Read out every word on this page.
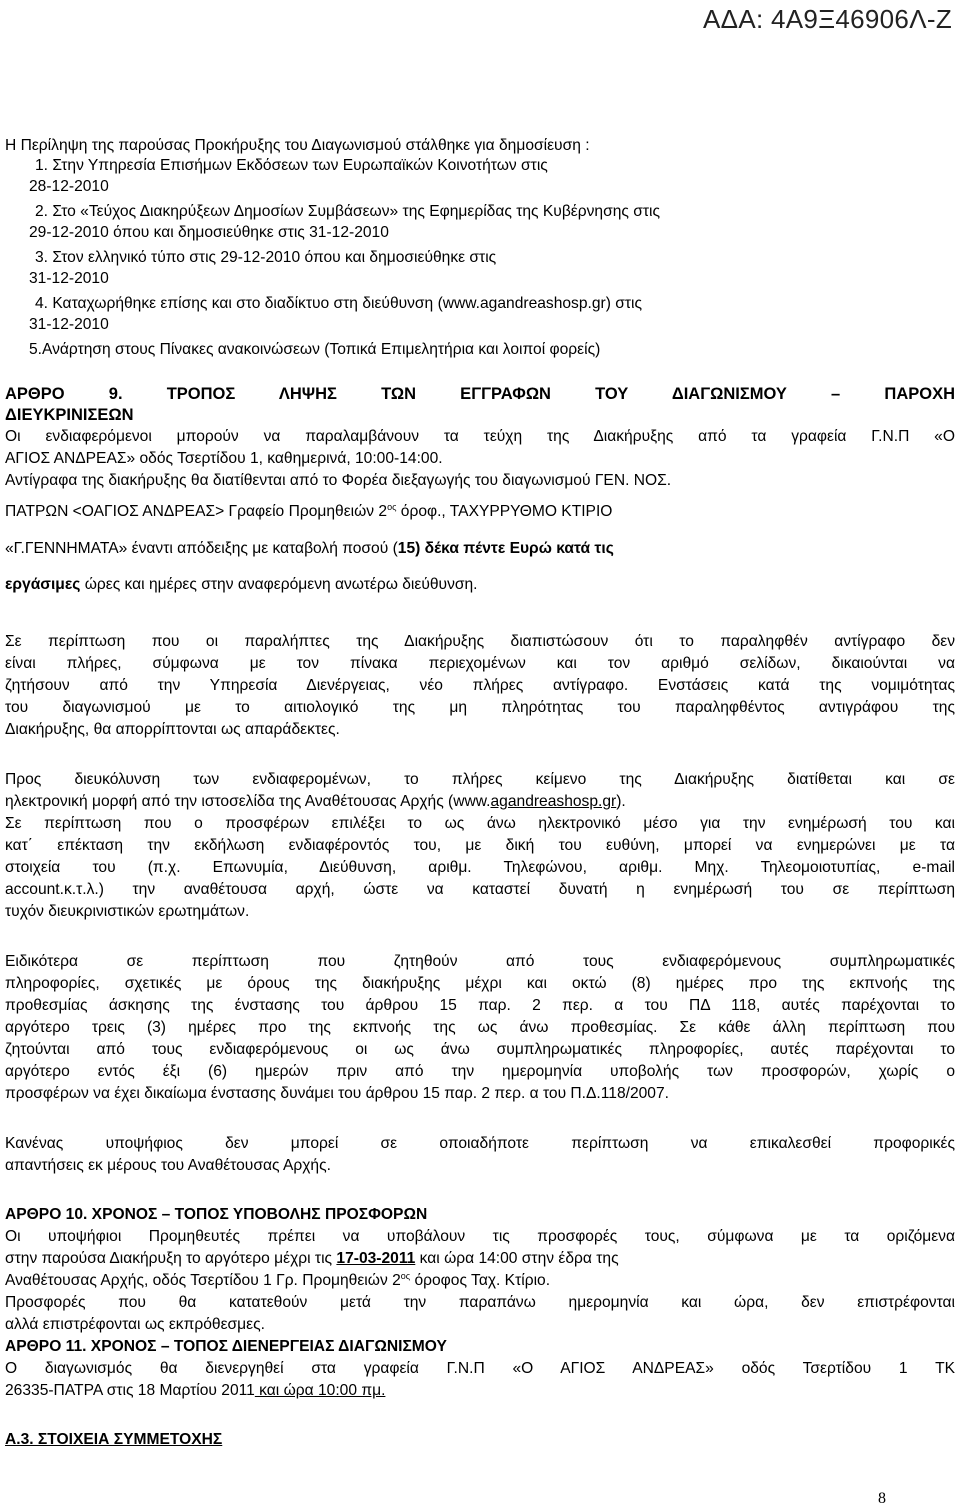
ΑΔΑ: 4Α9Ξ46906Λ-Ζ
Η Περίληψη της παρούσας Προκήρυξης του Διαγωνισμού στάλθηκε για δημοσίευση :
1. Στην Υπηρεσία Επισήμων Εκδόσεων των Ευρωπαϊκών Κοινοτήτων στις
28-12-2010
2. Στο «Τεύχος Διακηρύξεων Δημοσίων Συμβάσεων» της Εφημερίδας της Κυβέρνησης στις
29-12-2010 όπου και δημοσιεύθηκε στις 31-12-2010
3. Στον ελληνικό τύπο στις 29-12-2010 όπου και δημοσιεύθηκε στις
31-12-2010
4. Καταχωρήθηκε επίσης και στο διαδίκτυο στη διεύθυνση (www.agandreashosp.gr) στις
31-12-2010
5.Ανάρτηση στους Πίνακες ανακοινώσεων (Τοπικά Επιμελητήρια και λοιποί φορείς)
ΑΡΘΡΟ 9. ΤΡΟΠΟΣ ΛΗΨΗΣ ΤΩΝ ΕΓΓΡΑΦΩΝ ΤΟΥ ΔΙΑΓΩΝΙΣΜΟΥ – ΠΑΡΟΧΗ
ΔΙΕΥΚΡΙΝΙΣΕΩΝ
Οι ενδιαφερόμενοι μπορούν να παραλαμβάνουν τα τεύχη της Διακήρυξης από τα γραφεία Γ.Ν.Π «Ο
ΑΓΙΟΣ ΑΝΔΡΕΑΣ» οδός Τσερτίδου 1, καθημερινά, 10:00-14:00.
Αντίγραφα της διακήρυξης θα διατίθενται από το Φορέα διεξαγωγής του διαγωνισμού ΓΕΝ. ΝΟΣ.
ΠΑΤΡΩΝ <ΟΑΓΙΟΣ ΑΝΔΡΕΑΣ> Γραφείο Προμηθειών $2^{o\varsigma}$ όροφ., ΤΑΧΥΡΡΥΘΜΟ ΚΤΙΡΙΟ
«Γ.ΓΕΝΝΗΜΑΤΑ» έναντι απόδειξης με καταβολή ποσού (15) δέκα πέντε Ευρώ κατά τις
εργάσιμες ώρες και ημέρες στην αναφερόμενη ανωτέρω διεύθυνση.
Σε περίπτωση που οι παραλήπτες της Διακήρυξης διαπιστώσουν ότι το παραληφθέν αντίγραφο δεν
είναι πλήρες, σύμφωνα με τον πίνακα περιεχομένων και τον αριθμό σελίδων, δικαιούνται να
ζητήσουν από την Υπηρεσία Διενέργειας, νέο πλήρες αντίγραφο. Ενστάσεις κατά της νομιμότητας
του διαγωνισμού με το αιτιολογικό της μη πληρότητας του παραληφθέντος αντιγράφου της
Διακήρυξης, θα απορρίπτονται ως απαράδεκτες.
Προς διευκόλυνση των ενδιαφερομένων, το πλήρες κείμενο της Διακήρυξης διατίθεται και σε
ηλεκτρονική μορφή από την ιστοσελίδα της Αναθέτουσας Αρχής (www.agandreashosp.gr).
Σε περίπτωση που ο προσφέρων επιλέξει το ως άνω ηλεκτρονικό μέσο για την ενημέρωσή του και
κατ΄ επέκταση την εκδήλωση ενδιαφέροντός του, με δική του ευθύνη, μπορεί να ενημερώνει με τα
στοιχεία του (π.χ. Επωνυμία, Διεύθυνση, αριθμ. Τηλεφώνου, αριθμ. Μηχ. Τηλεομοιοτυπίας, e-mail
account.κ.τ.λ.) την αναθέτουσα αρχή, ώστε να καταστεί δυνατή η ενημέρωσή του σε περίπτωση
τυχόν διευκρινιστικών ερωτημάτων.
Ειδικότερα σε περίπτωση που ζητηθούν από τους ενδιαφερόμενους συμπληρωματικές
πληροφορίες, σχετικές με όρους της διακήρυξης μέχρι και οκτώ (8) ημέρες προ της εκπνοής της
προθεσμίας άσκησης της ένστασης του άρθρου 15 παρ. 2 περ. α του ΠΔ 118, αυτές παρέχονται το
αργότερο τρεις (3) ημέρες προ της εκπνοής της ως άνω προθεσμίας. Σε κάθε άλλη περίπτωση που
ζητούνται από τους ενδιαφερόμενους οι ως άνω συμπληρωματικές πληροφορίες, αυτές παρέχονται το
αργότερο εντός έξι (6) ημερών πριν από την ημερομηνία υποβολής των προσφορών, χωρίς ο
προσφέρων να έχει δικαίωμα ένστασης δυνάμει του άρθρου 15 παρ. 2 περ. α του Π.Δ.118/2007.
Κανένας υποψήφιος δεν μπορεί σε οποιαδήποτε περίπτωση να επικαλεσθεί προφορικές
απαντήσεις εκ μέρους του Αναθέτουσας Αρχής.
ΑΡΘΡΟ 10. ΧΡΟΝΟΣ – ΤΟΠΟΣ ΥΠΟΒΟΛΗΣ ΠΡΟΣΦΟΡΩΝ
Οι υποψήφιοι Προμηθευτές πρέπει να υποβάλουν τις προσφορές τους, σύμφωνα με τα οριζόμενα
στην παρούσα Διακήρυξη το αργότερο μέχρι τις 17-03-2011 και ώρα 14:00 στην έδρα της
Αναθέτουσας Αρχής, οδός Τσερτίδου 1 Γρ. Προμηθειών $2^{o\varsigma}$ όροφος Ταχ. Κτίριο.
Προσφορές που θα κατατεθούν μετά την παραπάνω ημερομηνία και ώρα, δεν επιστρέφονται
αλλά επιστρέφονται ως εκπρόθεσμες.
ΑΡΘΡΟ 11. ΧΡΟΝΟΣ – ΤΟΠΟΣ ΔΙΕΝΕΡΓΕΙΑΣ ΔΙΑΓΩΝΙΣΜΟΥ
Ο διαγωνισμός θα διενεργηθεί στα γραφεία Γ.Ν.Π «Ο ΑΓΙΟΣ ΑΝΔΡΕΑΣ» οδός Τσερτίδου 1 ΤΚ
26335-ΠΑΤΡΑ στις 18 Μαρτίου 2011 και ώρα 10:00 πμ.
Α.3. ΣΤΟΙΧΕΙΑ ΣΥΜΜΕΤΟΧΗΣ
8
